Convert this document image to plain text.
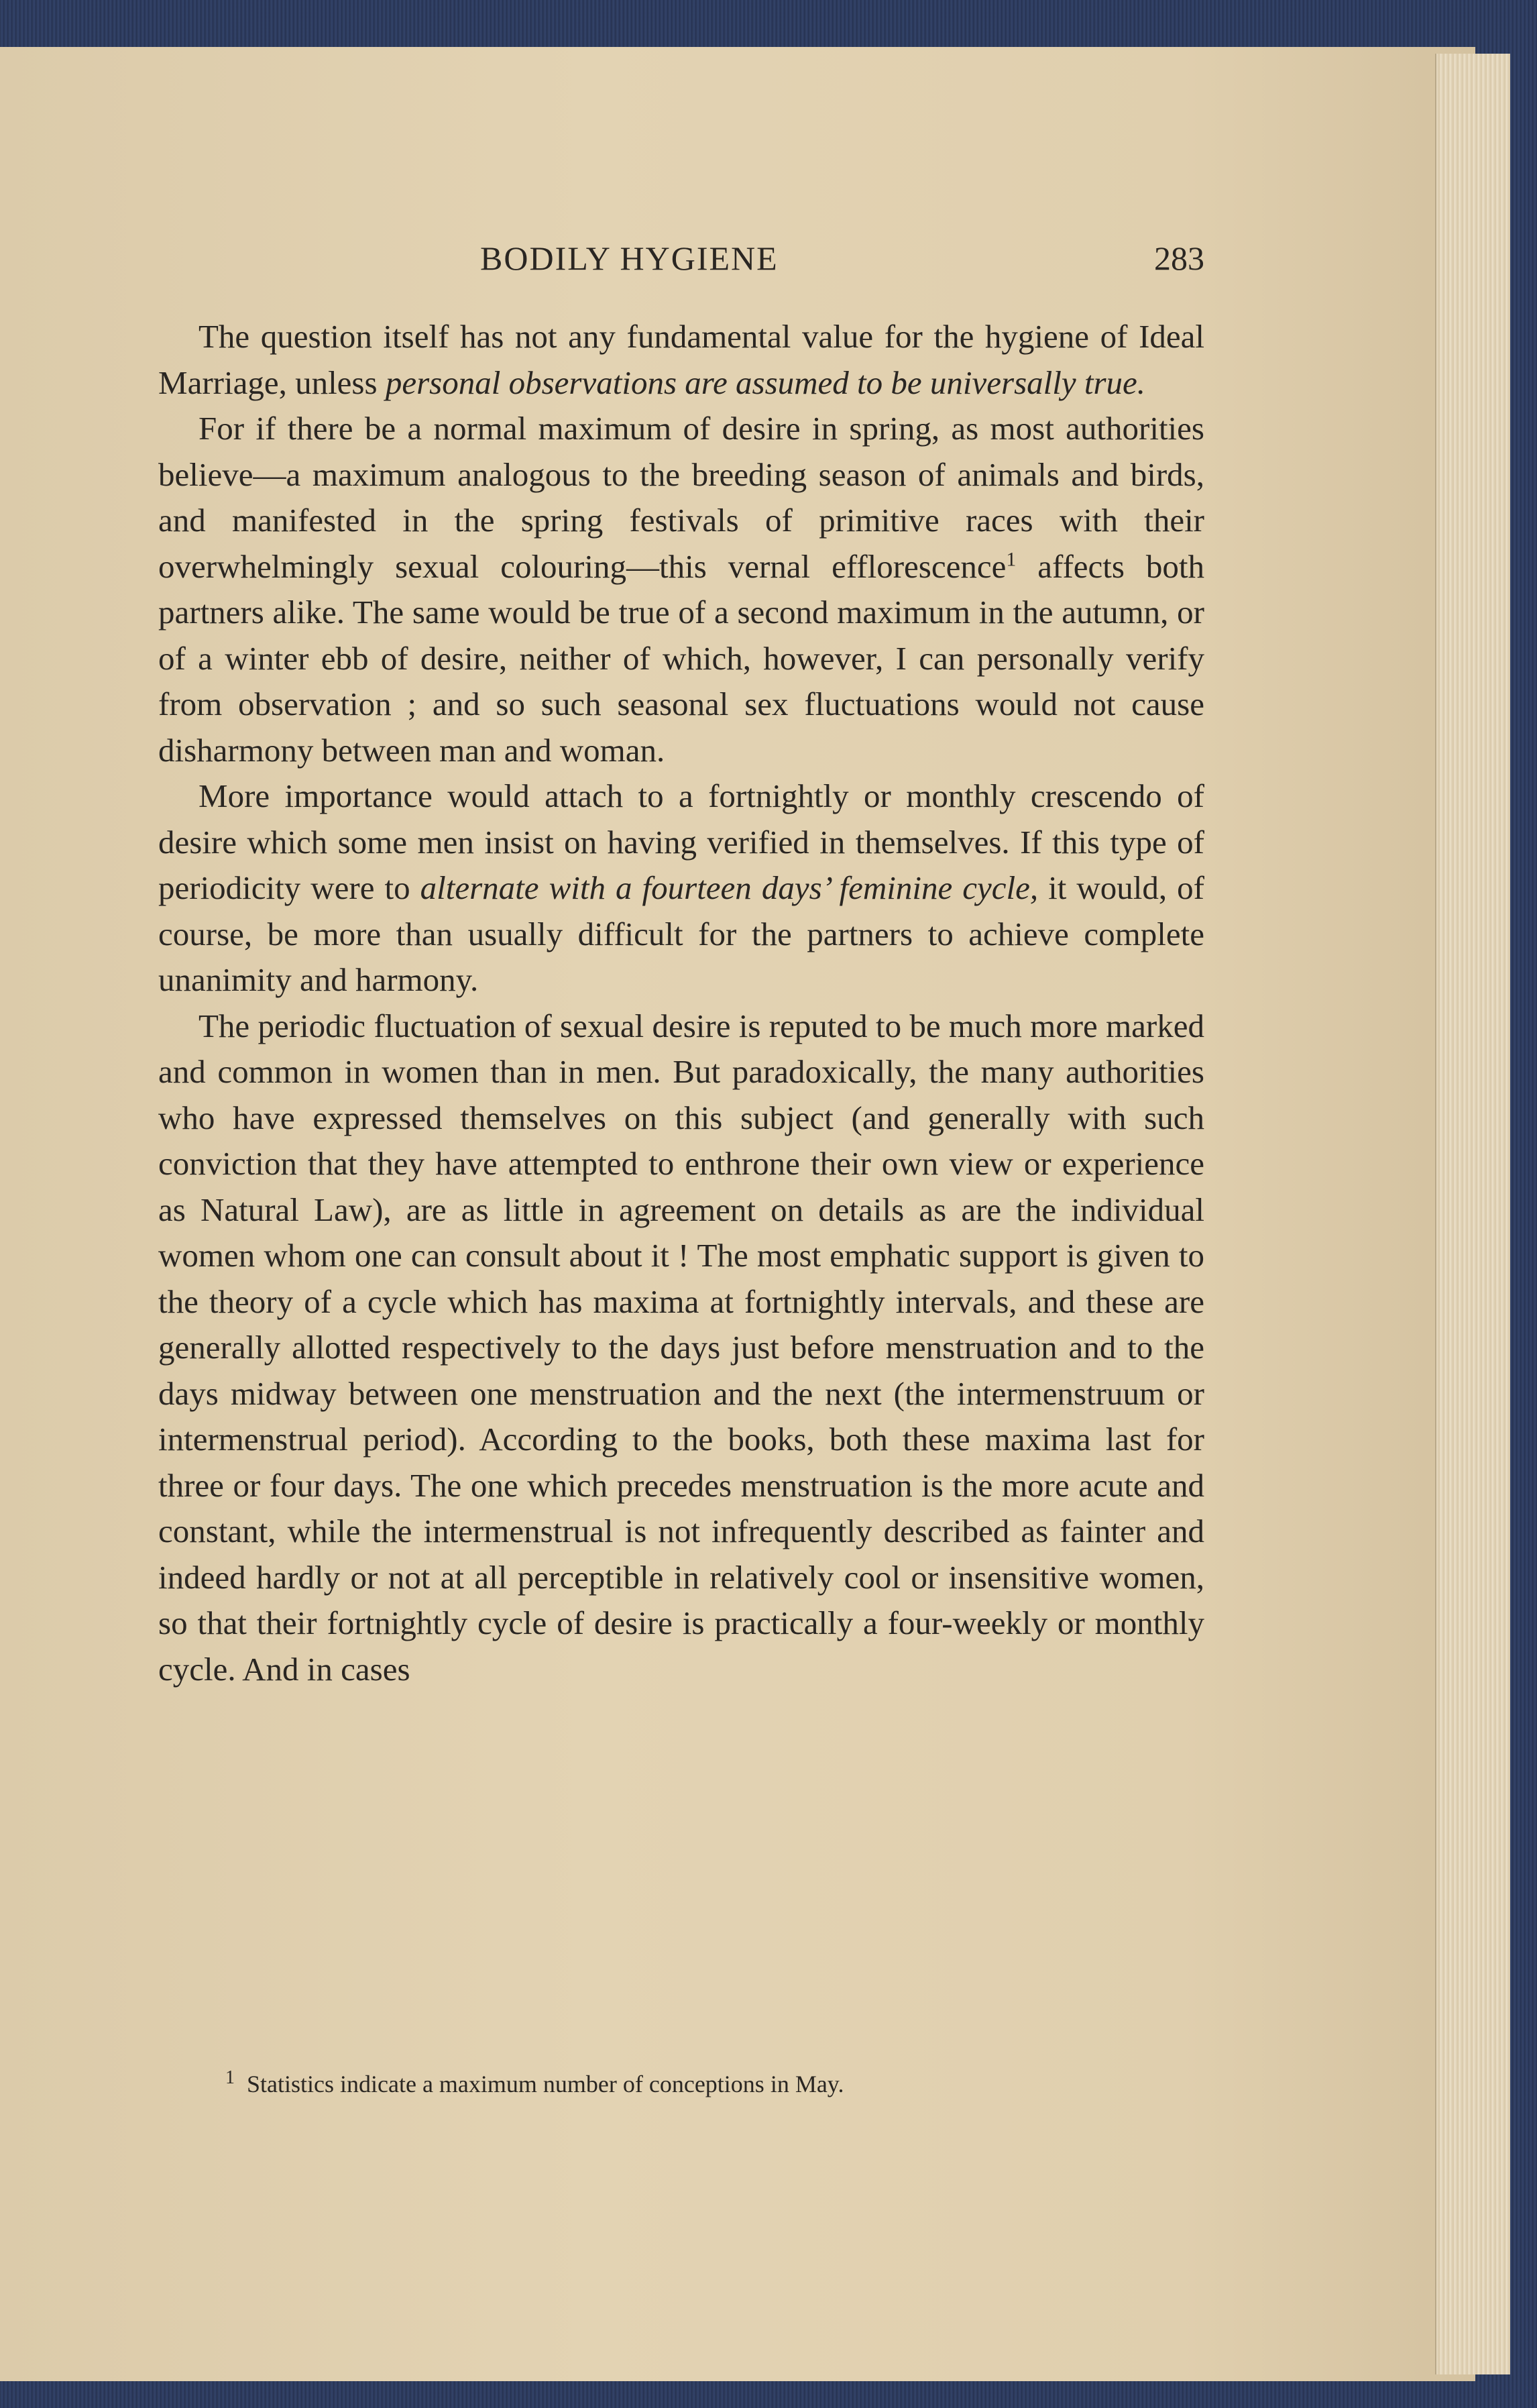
BODILY HYGIENE	283

The question itself has not any fundamental value for the hygiene of Ideal Marriage, unless personal observations are assumed to be universally true.

For if there be a normal maximum of desire in spring, as most authorities believe—a maximum analogous to the breeding season of animals and birds, and manifested in the spring festivals of primitive races with their overwhelmingly sexual colouring—this vernal efflorescence$^1$ affects both partners alike. The same would be true of a second maximum in the autumn, or of a winter ebb of desire, neither of which, however, I can personally verify from observation ; and so such seasonal sex fluctuations would not cause disharmony between man and woman.

More importance would attach to a fortnightly or monthly crescendo of desire which some men insist on having verified in themselves. If this type of periodicity were to alternate with a fourteen days’ feminine cycle, it would, of course, be more than usually difficult for the partners to achieve complete unanimity and harmony.

The periodic fluctuation of sexual desire is reputed to be much more marked and common in women than in men. But paradoxically, the many authorities who have expressed themselves on this subject (and generally with such conviction that they have attempted to enthrone their own view or experience as Natural Law), are as little in agreement on details as are the individual women whom one can consult about it ! The most emphatic support is given to the theory of a cycle which has maxima at fortnightly intervals, and these are generally allotted respectively to the days just before menstruation and to the days midway between one menstruation and the next (the intermenstruum or intermenstrual period). According to the books, both these maxima last for three or four days. The one which precedes menstruation is the more acute and constant, while the intermenstrual is not infrequently described as fainter and indeed hardly or not at all perceptible in relatively cool or insensitive women, so that their fortnightly cycle of desire is practically a four-weekly or monthly cycle. And in cases

$^1$ Statistics indicate a maximum number of conceptions in May.
